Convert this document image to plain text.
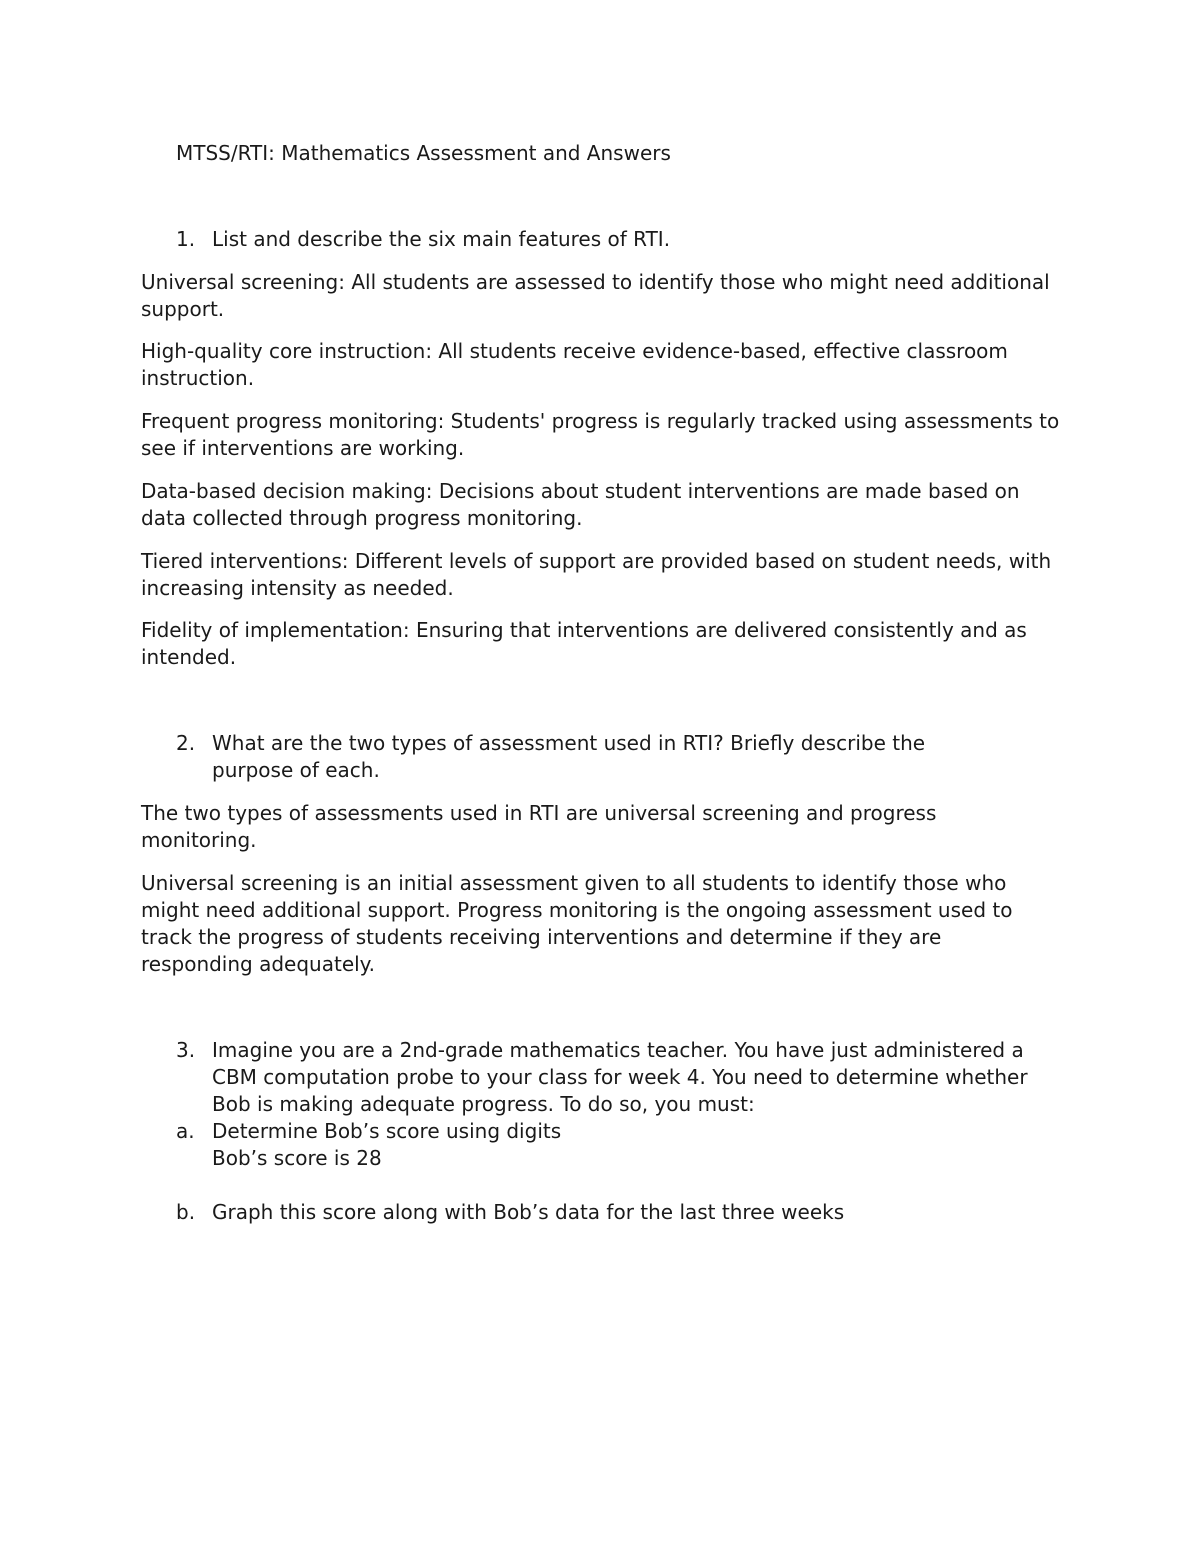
MTSS/RTI: Mathematics Assessment and Answers
1. List and describe the six main features of RTI.
Universal screening: All students are assessed to identify those who might need additional support.
High-quality core instruction: All students receive evidence-based, effective classroom instruction.
Frequent progress monitoring: Students' progress is regularly tracked using assessments to see if interventions are working.
Data-based decision making: Decisions about student interventions are made based on data collected through progress monitoring.
Tiered interventions: Different levels of support are provided based on student needs, with increasing intensity as needed.
Fidelity of implementation: Ensuring that interventions are delivered consistently and as intended.
2. What are the two types of assessment used in RTI? Briefly describe the purpose of each.
The two types of assessments used in RTI are universal screening and progress monitoring.
Universal screening is an initial assessment given to all students to identify those who might need additional support. Progress monitoring is the ongoing assessment used to track the progress of students receiving interventions and determine if they are responding adequately.
3. Imagine you are a 2nd-grade mathematics teacher. You have just administered a CBM computation probe to your class for week 4. You need to determine whether Bob is making adequate progress. To do so, you must:
a. Determine Bob’s score using digits
Bob’s score is 28
b. Graph this score along with Bob’s data for the last three weeks
